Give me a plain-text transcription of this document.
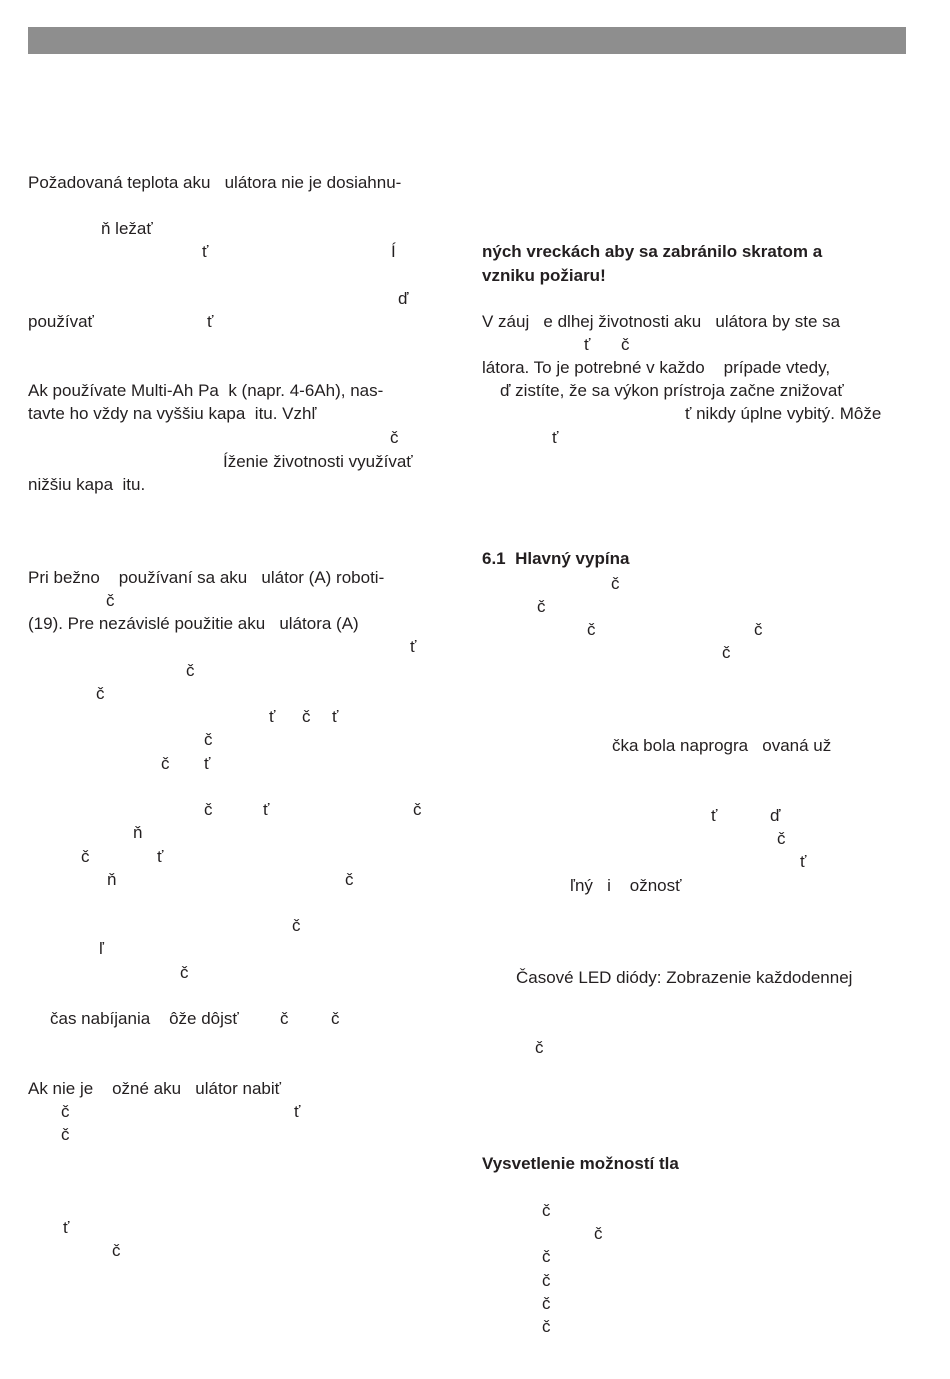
Požadovaná teplota aku   ulátora nie je dosiahnu-

ň ležať

ť	Í

ď

používať	ť

Ak používate Multi-Ah Pa  k (napr. 4-6Ah), nas-

tavte ho vždy na vyššiu kapa  itu. Vzhľ

č

Íženie životnosti využívať

nižšiu kapa  itu.

Pri bežno    používaní sa aku   ulátor (A) roboti-

č

(19). Pre nezávislé použitie aku   ulátora (A)

ť

č

č

ť č ť

č

č ť

č	ť	č

ň

č	ť

ň	č

č

ľ

č

čas nabíjania    ôže dôjsť č	č

Ak nie je    ožné aku   ulátor nabiť

č	ť

č

ť

č

ných vreckách aby sa zabránilo skratom a

vzniku požiaru!

V záuj   e dlhej životnosti aku   ulátora by ste sa

ť č

látora. To je potrebné v každo    prípade vtedy,

ď zistíte, že sa výkon prístroja začne znižovať

ť nikdy úplne vybitý. Môže

ť

6.1  Hlavný vypína

č

č

č	č

č

čka bola naprogra   ovaná už

ť	ď

č

ť

ľný   i    ožnosť

Časové LED diódy: Zobrazenie každodennej

č

Vysvetlenie možností tla

č

č

č

č

č

č
